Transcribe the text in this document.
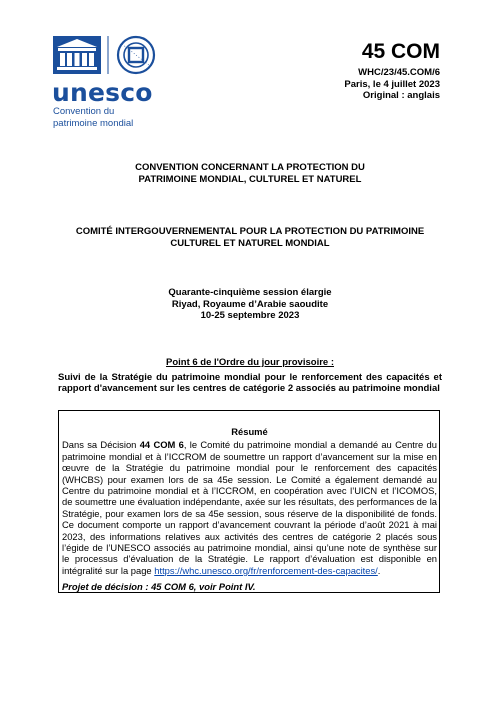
unesco
Convention du
patrimoine mondial
45 COM
WHC/23/45.COM/6
Paris, le 4 juillet 2023
Original : anglais
CONVENTION CONCERNANT LA PROTECTION DU
PATRIMOINE MONDIAL, CULTUREL ET NATUREL
COMITÉ INTERGOUVERNEMENTAL POUR LA PROTECTION DU PATRIMOINE
CULTUREL ET NATUREL MONDIAL
Quarante-cinquième session élargie
Riyad, Royaume d’Arabie saoudite
10-25 septembre 2023
Point 6 de l'Ordre du jour provisoire :
Suivi de la Stratégie du patrimoine mondial pour le renforcement des capacités et rapport d'avancement sur les centres de catégorie 2 associés au patrimoine mondial
Résumé
Dans sa Décision 44 COM 6, le Comité du patrimoine mondial a demandé au Centre du patrimoine mondial et à l’ICCROM de soumettre un rapport d’avancement sur la mise en œuvre de la Stratégie du patrimoine mondial pour le renforcement des capacités (WHCBS) pour examen lors de sa 45e session. Le Comité a également demandé au Centre du patrimoine mondial et à l’ICCROM, en coopération avec l’UICN et l’ICOMOS, de soumettre une évaluation indépendante, axée sur les résultats, des performances de la Stratégie, pour examen lors de sa 45e session, sous réserve de la disponibilité de fonds. Ce document comporte un rapport d’avancement couvrant la période d’août 2021 à mai 2023, des informations relatives aux activités des centres de catégorie 2 placés sous l’égide de l’UNESCO associés au patrimoine mondial, ainsi qu’une note de synthèse sur le processus d’évaluation de la Stratégie. Le rapport d’évaluation est disponible en intégralité sur la page https://whc.unesco.org/fr/renforcement-des-capacites/.
Projet de décision : 45 COM 6, voir Point IV.
